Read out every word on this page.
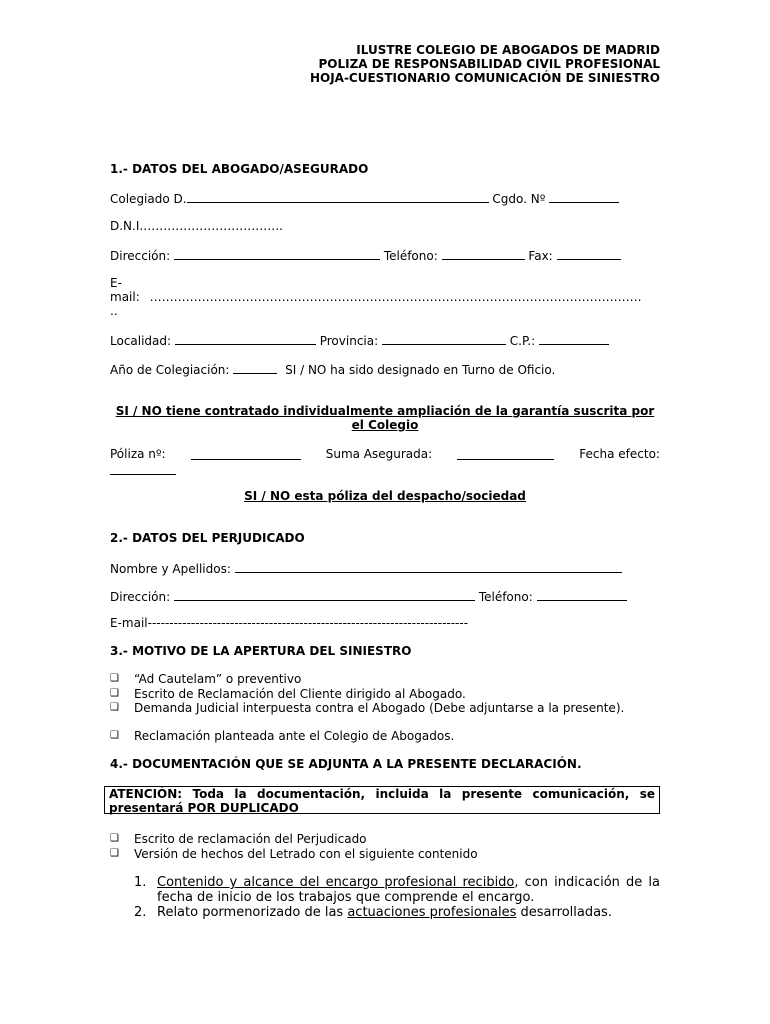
ILUSTRE COLEGIO DE ABOGADOS DE MADRID
POLIZA DE RESPONSABILIDAD CIVIL PROFESIONAL
HOJA-CUESTIONARIO COMUNICACIÓN DE SINIESTRO
1.- DATOS DEL ABOGADO/ASEGURADO
Colegiado D.	Cgdo. Nº
D.N.I.……………………………..
Dirección:	Teléfono:	Fax:
E-
mail: ……………………………………………………………………………………………………………
..
Localidad:	Provincia:	C.P.:
Año de Colegiación:	SI / NO ha sido designado en Turno de Oficio.
SI / NO tiene contratado individualmente ampliación de la garantía suscrita por el Colegio
Póliza nº:	Suma Asegurada:	Fecha efecto:
SI / NO esta póliza del despacho/sociedad
2.- DATOS DEL PERJUDICADO
Nombre y Apellidos:
Dirección:	Teléfono:
E-mail--------------------------------------------------------------------------
3.- MOTIVO DE LA APERTURA DEL SINIESTRO
❑ “Ad Cautelam” o preventivo
❑ Escrito de Reclamación del Cliente dirigido al Abogado.
❑ Demanda Judicial interpuesta contra el Abogado (Debe adjuntarse a la presente).
❑ Reclamación planteada ante el Colegio de Abogados.
4.- DOCUMENTACIÓN QUE SE ADJUNTA A LA PRESENTE DECLARACIÓN.
ATENCIÓN: Toda la documentación, incluida la presente comunicación, se presentará POR DUPLICADO
❑ Escrito de reclamación del Perjudicado
❑ Versión de hechos del Letrado con el siguiente contenido
1. Contenido y alcance del encargo profesional recibido, con indicación de la fecha de inicio de los trabajos que comprende el encargo.
2. Relato pormenorizado de las actuaciones profesionales desarrolladas.
